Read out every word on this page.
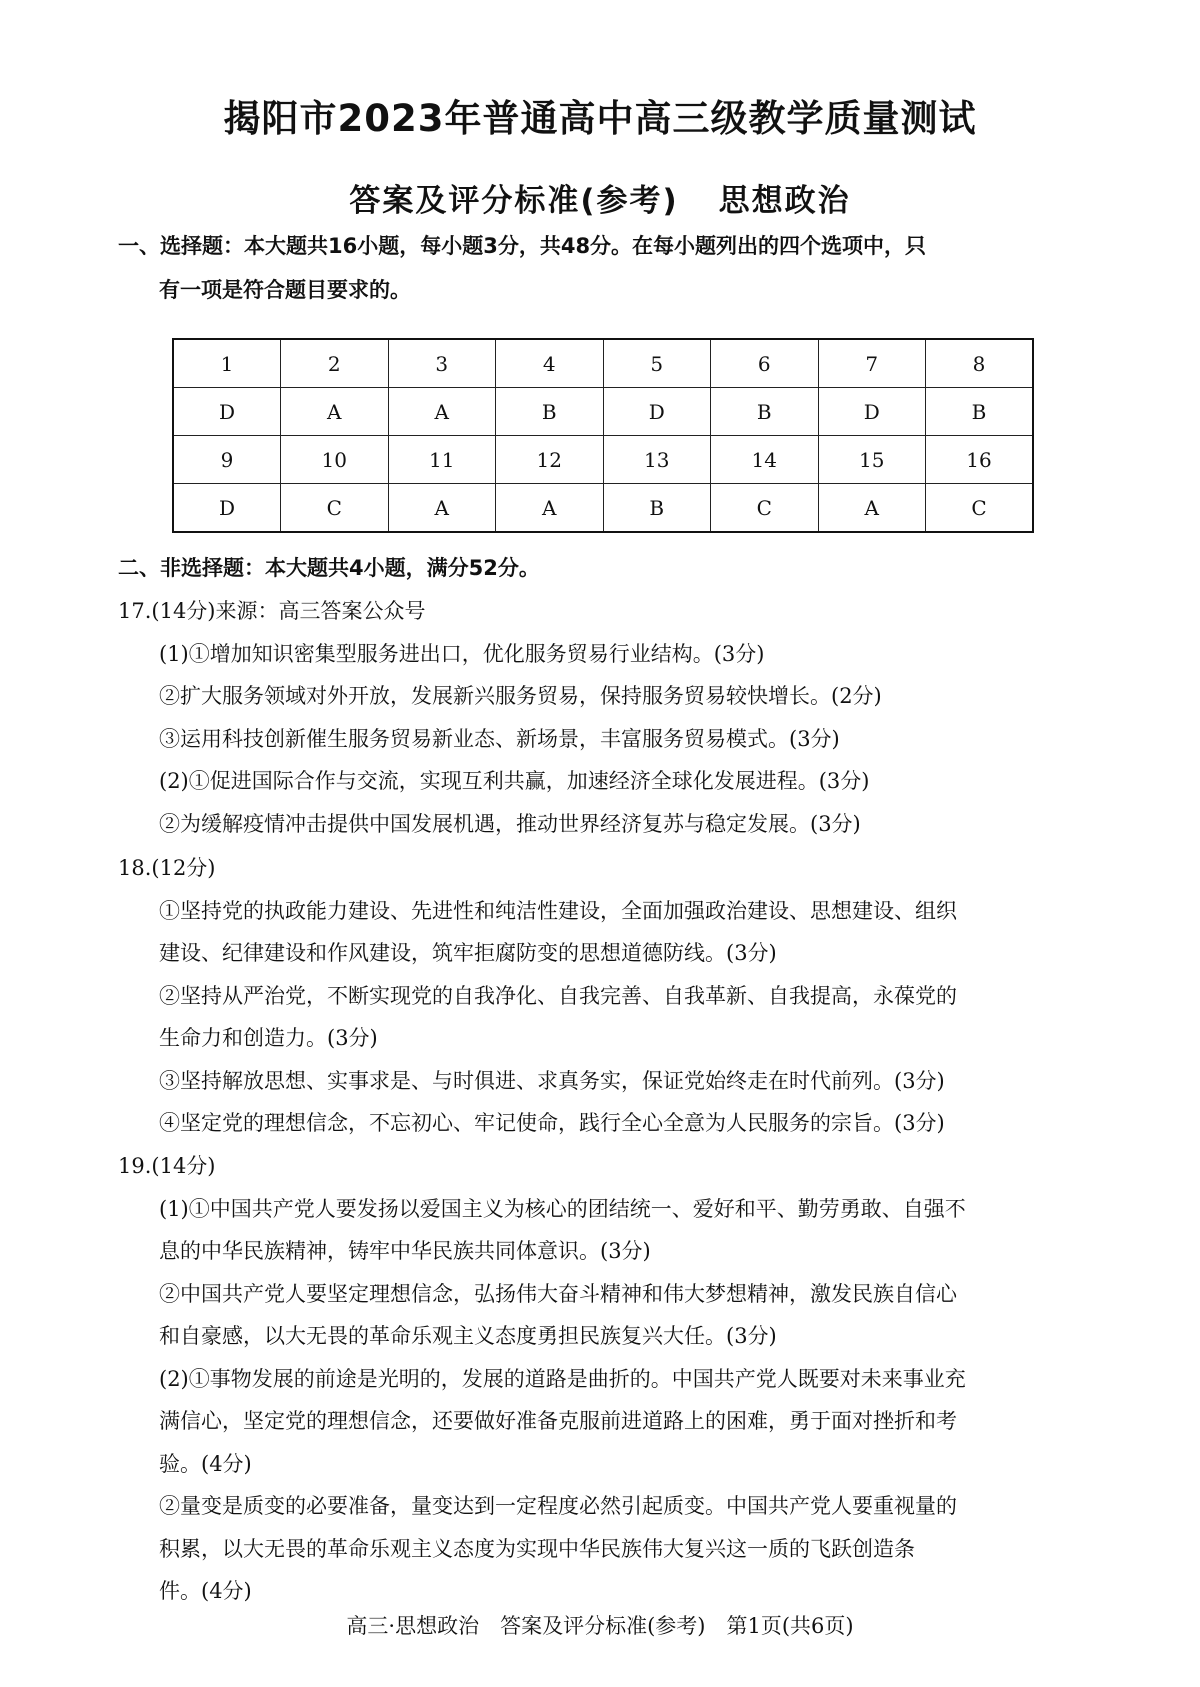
揭阳市2023年普通高中高三级教学质量测试
答案及评分标准(参考) 思想政治
一、选择题：本大题共16小题，每小题3分，共48分。在每小题列出的四个选项中，只
有一项是符合题目要求的。
1	2	3	4	5	6	7	8
D	A	A	B	D	B	D	B
9	10	11	12	13	14	15	16
D	C	A	A	B	C	A	C
二、非选择题：本大题共4小题，满分52分。
17.(14分)来源：高三答案公众号
(1)①增加知识密集型服务进出口，优化服务贸易行业结构。(3分)
②扩大服务领域对外开放，发展新兴服务贸易，保持服务贸易较快增长。(2分)
③运用科技创新催生服务贸易新业态、新场景，丰富服务贸易模式。(3分)
(2)①促进国际合作与交流，实现互利共赢，加速经济全球化发展进程。(3分)
②为缓解疫情冲击提供中国发展机遇，推动世界经济复苏与稳定发展。(3分)
18.(12分)
①坚持党的执政能力建设、先进性和纯洁性建设，全面加强政治建设、思想建设、组织
建设、纪律建设和作风建设，筑牢拒腐防变的思想道德防线。(3分)
②坚持从严治党，不断实现党的自我净化、自我完善、自我革新、自我提高，永葆党的
生命力和创造力。(3分)
③坚持解放思想、实事求是、与时俱进、求真务实，保证党始终走在时代前列。(3分)
④坚定党的理想信念，不忘初心、牢记使命，践行全心全意为人民服务的宗旨。(3分)
19.(14分)
(1)①中国共产党人要发扬以爱国主义为核心的团结统一、爱好和平、勤劳勇敢、自强不
息的中华民族精神，铸牢中华民族共同体意识。(3分)
②中国共产党人要坚定理想信念，弘扬伟大奋斗精神和伟大梦想精神，激发民族自信心
和自豪感，以大无畏的革命乐观主义态度勇担民族复兴大任。(3分)
(2)①事物发展的前途是光明的，发展的道路是曲折的。中国共产党人既要对未来事业充
满信心，坚定党的理想信念，还要做好准备克服前进道路上的困难，勇于面对挫折和考
验。(4分)
②量变是质变的必要准备，量变达到一定程度必然引起质变。中国共产党人要重视量的
积累，以大无畏的革命乐观主义态度为实现中华民族伟大复兴这一质的飞跃创造条
件。(4分)
高三·思想政治　答案及评分标准(参考)　第1页(共6页)
